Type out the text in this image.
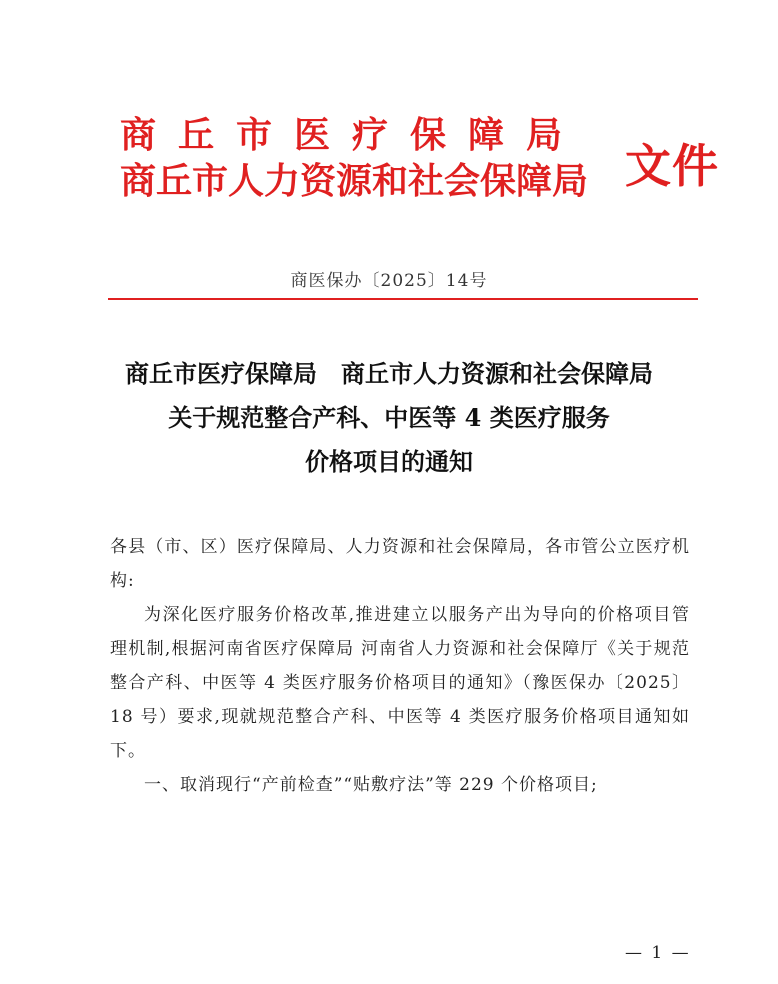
商丘市医疗保障局
商丘市人力资源和社会保障局 文件
商医保办〔2025〕14号
商丘市医疗保障局　商丘市人力资源和社会保障局
关于规范整合产科、中医等 4 类医疗服务
价格项目的通知

各县（市、区）医疗保障局、人力资源和社会保障局，各市管公立医疗机构:

为深化医疗服务价格改革,推进建立以服务产出为导向的价格项目管理机制,根据河南省医疗保障局 河南省人力资源和社会保障厅《关于规范整合产科、中医等 4 类医疗服务价格项目的通知》（豫医保办〔2025〕18 号）要求,现就规范整合产科、中医等 4 类医疗服务价格项目通知如下。

一、取消现行“产前检查”“贴敷疗法”等 229 个价格项目;

— 1 —
